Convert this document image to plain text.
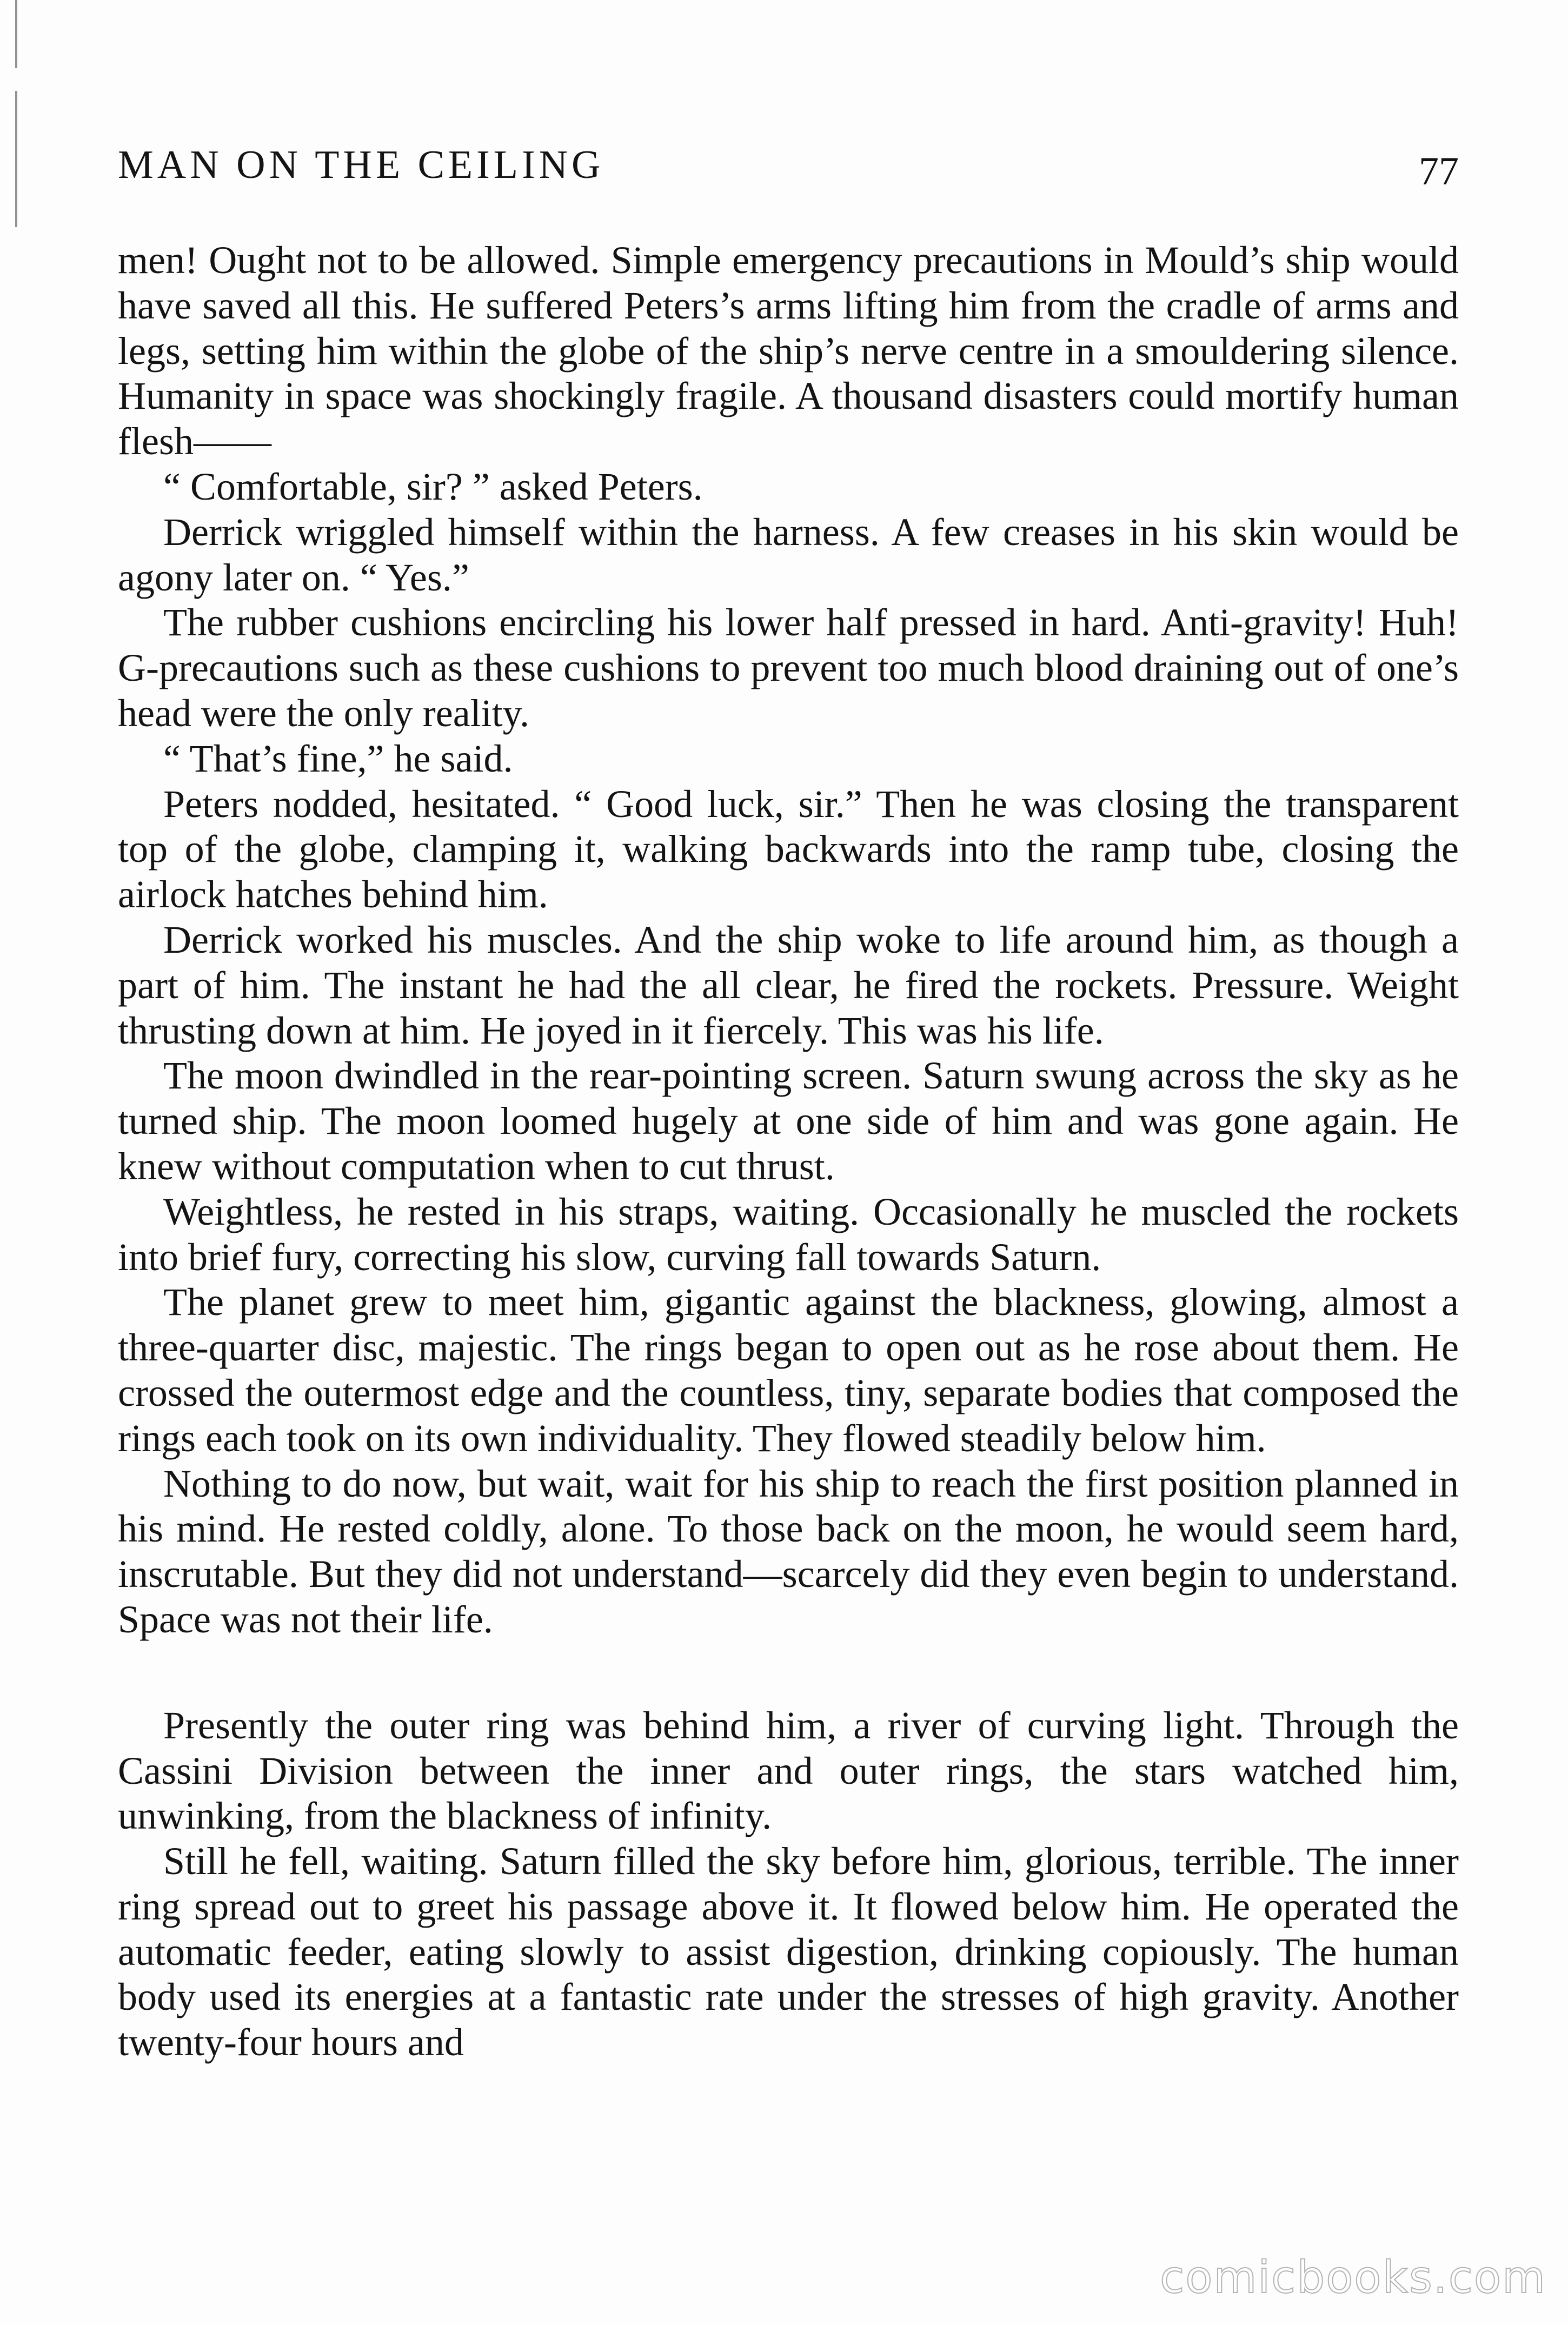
MAN ON THE CEILING	77

men! Ought not to be allowed. Simple emergency precautions in Mould’s ship would have saved all this. He suffered Peters’s arms lifting him from the cradle of arms and legs, setting him within the globe of the ship’s nerve centre in a smouldering silence. Humanity in space was shockingly fragile. A thousand disasters could mortify human flesh——

“ Comfortable, sir? ” asked Peters.

Derrick wriggled himself within the harness. A few creases in his skin would be agony later on. “ Yes.”

The rubber cushions encircling his lower half pressed in hard. Anti-gravity! Huh! G-precautions such as these cushions to prevent too much blood draining out of one’s head were the only reality.

“ That’s fine,” he said.

Peters nodded, hesitated. “ Good luck, sir.” Then he was closing the transparent top of the globe, clamping it, walking backwards into the ramp tube, closing the airlock hatches behind him.

Derrick worked his muscles. And the ship woke to life around him, as though a part of him. The instant he had the all clear, he fired the rockets. Pressure. Weight thrusting down at him. He joyed in it fiercely. This was his life.

The moon dwindled in the rear-pointing screen. Saturn swung across the sky as he turned ship. The moon loomed hugely at one side of him and was gone again. He knew without computation when to cut thrust.

Weightless, he rested in his straps, waiting. Occasionally he muscled the rockets into brief fury, correcting his slow, curving fall towards Saturn.

The planet grew to meet him, gigantic against the blackness, glowing, almost a three-quarter disc, majestic. The rings began to open out as he rose about them. He crossed the outermost edge and the countless, tiny, separate bodies that composed the rings each took on its own individuality. They flowed steadily below him.

Nothing to do now, but wait, wait for his ship to reach the first position planned in his mind. He rested coldly, alone. To those back on the moon, he would seem hard, inscrutable. But they did not understand—scarcely did they even begin to understand. Space was not their life.

Presently the outer ring was behind him, a river of curving light. Through the Cassini Division between the inner and outer rings, the stars watched him, unwinking, from the blackness of infinity.

Still he fell, waiting. Saturn filled the sky before him, glorious, terrible. The inner ring spread out to greet his passage above it. It flowed below him. He operated the automatic feeder, eating slowly to assist digestion, drinking copiously. The human body used its energies at a fantastic rate under the stresses of high gravity. Another twenty-four hours and

comicbooks.com
